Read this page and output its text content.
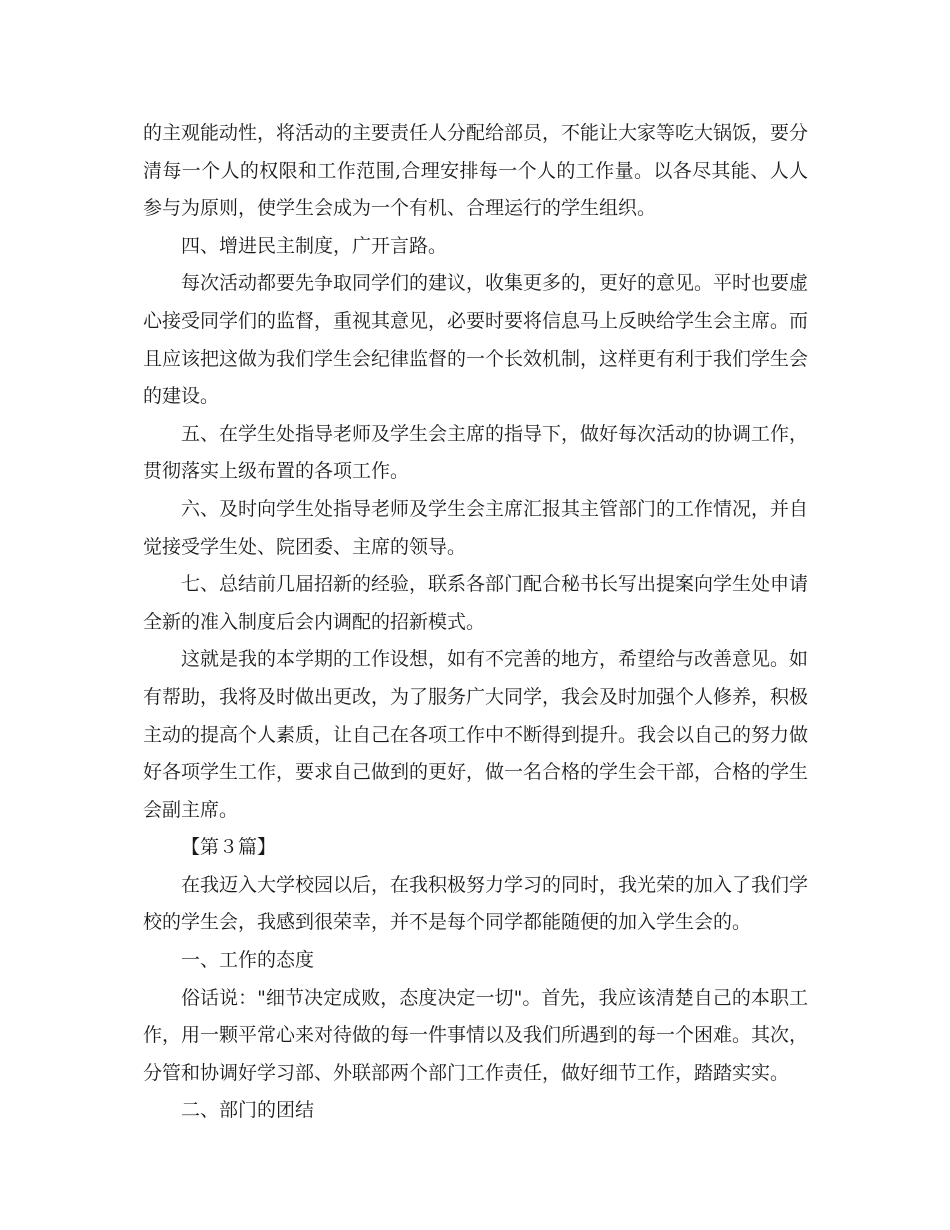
的主观能动性，将活动的主要责任人分配给部员，不能让大家等吃大锅饭，要分清每一个人的权限和工作范围,合理安排每一个人的工作量。以各尽其能、人人参与为原则，使学生会成为一个有机、合理运行的学生组织。

四、增进民主制度，广开言路。

每次活动都要先争取同学们的建议，收集更多的，更好的意见。平时也要虚心接受同学们的监督，重视其意见，必要时要将信息马上反映给学生会主席。而且应该把这做为我们学生会纪律监督的一个长效机制，这样更有利于我们学生会的建设。

五、在学生处指导老师及学生会主席的指导下，做好每次活动的协调工作，贯彻落实上级布置的各项工作。

六、及时向学生处指导老师及学生会主席汇报其主管部门的工作情况，并自觉接受学生处、院团委、主席的领导。

七、总结前几届招新的经验，联系各部门配合秘书长写出提案向学生处申请全新的准入制度后会内调配的招新模式。

这就是我的本学期的工作设想，如有不完善的地方，希望给与改善意见。如有帮助，我将及时做出更改，为了服务广大同学，我会及时加强个人修养，积极主动的提高个人素质，让自己在各项工作中不断得到提升。我会以自己的努力做好各项学生工作，要求自己做到的更好，做一名合格的学生会干部，合格的学生会副主席。

【第３篇】

在我迈入大学校园以后，在我积极努力学习的同时，我光荣的加入了我们学校的学生会，我感到很荣幸，并不是每个同学都能随便的加入学生会的。

一、工作的态度

俗话说："细节决定成败，态度决定一切"。首先，我应该清楚自己的本职工作，用一颗平常心来对待做的每一件事情以及我们所遇到的每一个困难。其次，分管和协调好学习部、外联部两个部门工作责任，做好细节工作，踏踏实实。

二、部门的团结
